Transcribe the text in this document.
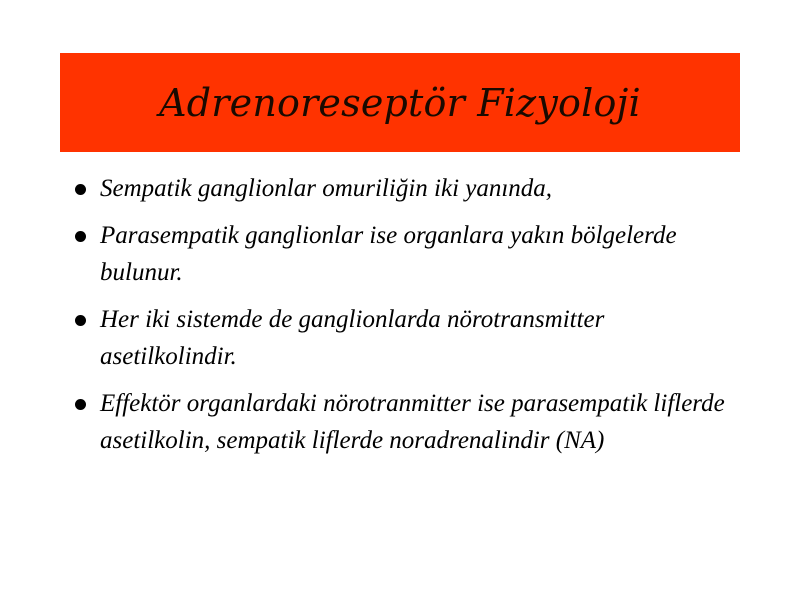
Adrenoreseptör Fizyoloji
Sempatik ganglionlar omuriliğin iki yanında,
Parasempatik ganglionlar ise organlara yakın bölgelerde bulunur.
Her iki sistemde de ganglionlarda nörotransmitter asetilkolindir.
Effektör organlardaki nörotranmitter ise parasempatik liflerde asetilkolin, sempatik liflerde noradrenalindir (NA)
